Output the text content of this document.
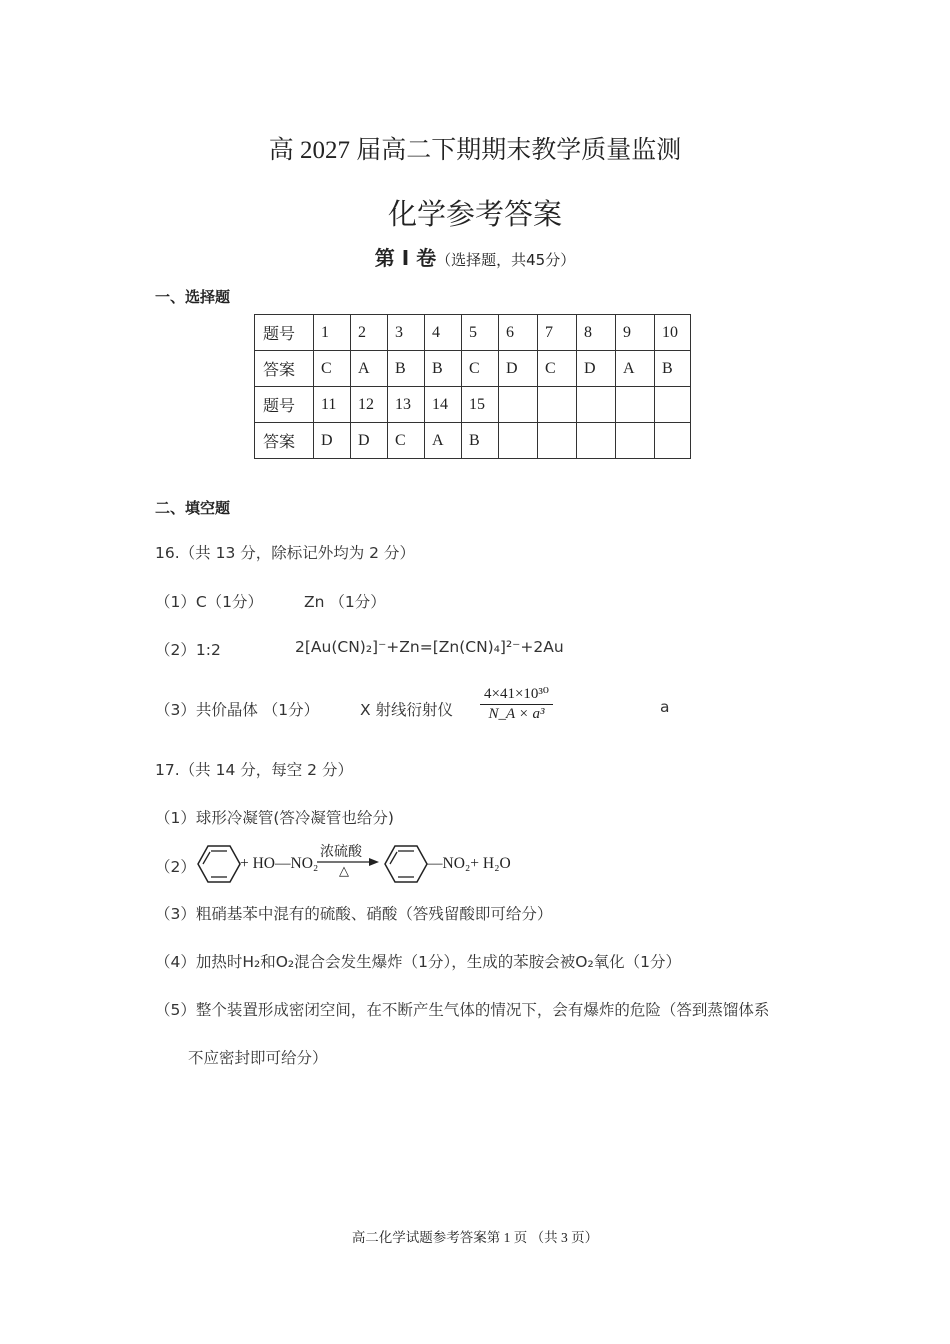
高 2027 届高二下期期末教学质量监测
化学参考答案
第 Ⅰ 卷（选择题，共45分）
一、选择题
题号	1	2	3	4	5	6	7	8	9	10
答案	C	A	B	B	C	D	C	D	A	B
题号	11	12	13	14	15					
答案	D	D	C	A	B					
二、填空题
16.（共 13 分，除标记外均为 2 分）
（1）C（1分）	Zn （1分）
（2）1:2	2[Au(CN)₂]⁻+Zn=[Zn(CN)₄]²⁻+2Au
（3）共价晶体 （1分）	X 射线衍射仪 $\frac{\text{4×41×10³⁰}}{\text{N\_A × a³}}$	a
17.（共 14 分，每空 2 分）
（1）球形冷凝管(答冷凝管也给分)
（2）	+ HO—NO₂
浓硫酸
△	—NO₂+ H₂O
（3）粗硝基苯中混有的硫酸、硝酸（答残留酸即可给分）
（4）加热时H₂和O₂混合会发生爆炸（1分），生成的苯胺会被O₂氧化（1分）
（5）整个装置形成密闭空间，在不断产生气体的情况下，会有爆炸的危险（答到蒸馏体系
不应密封即可给分）
高二化学试题参考答案第 1 页 （共 3 页）
